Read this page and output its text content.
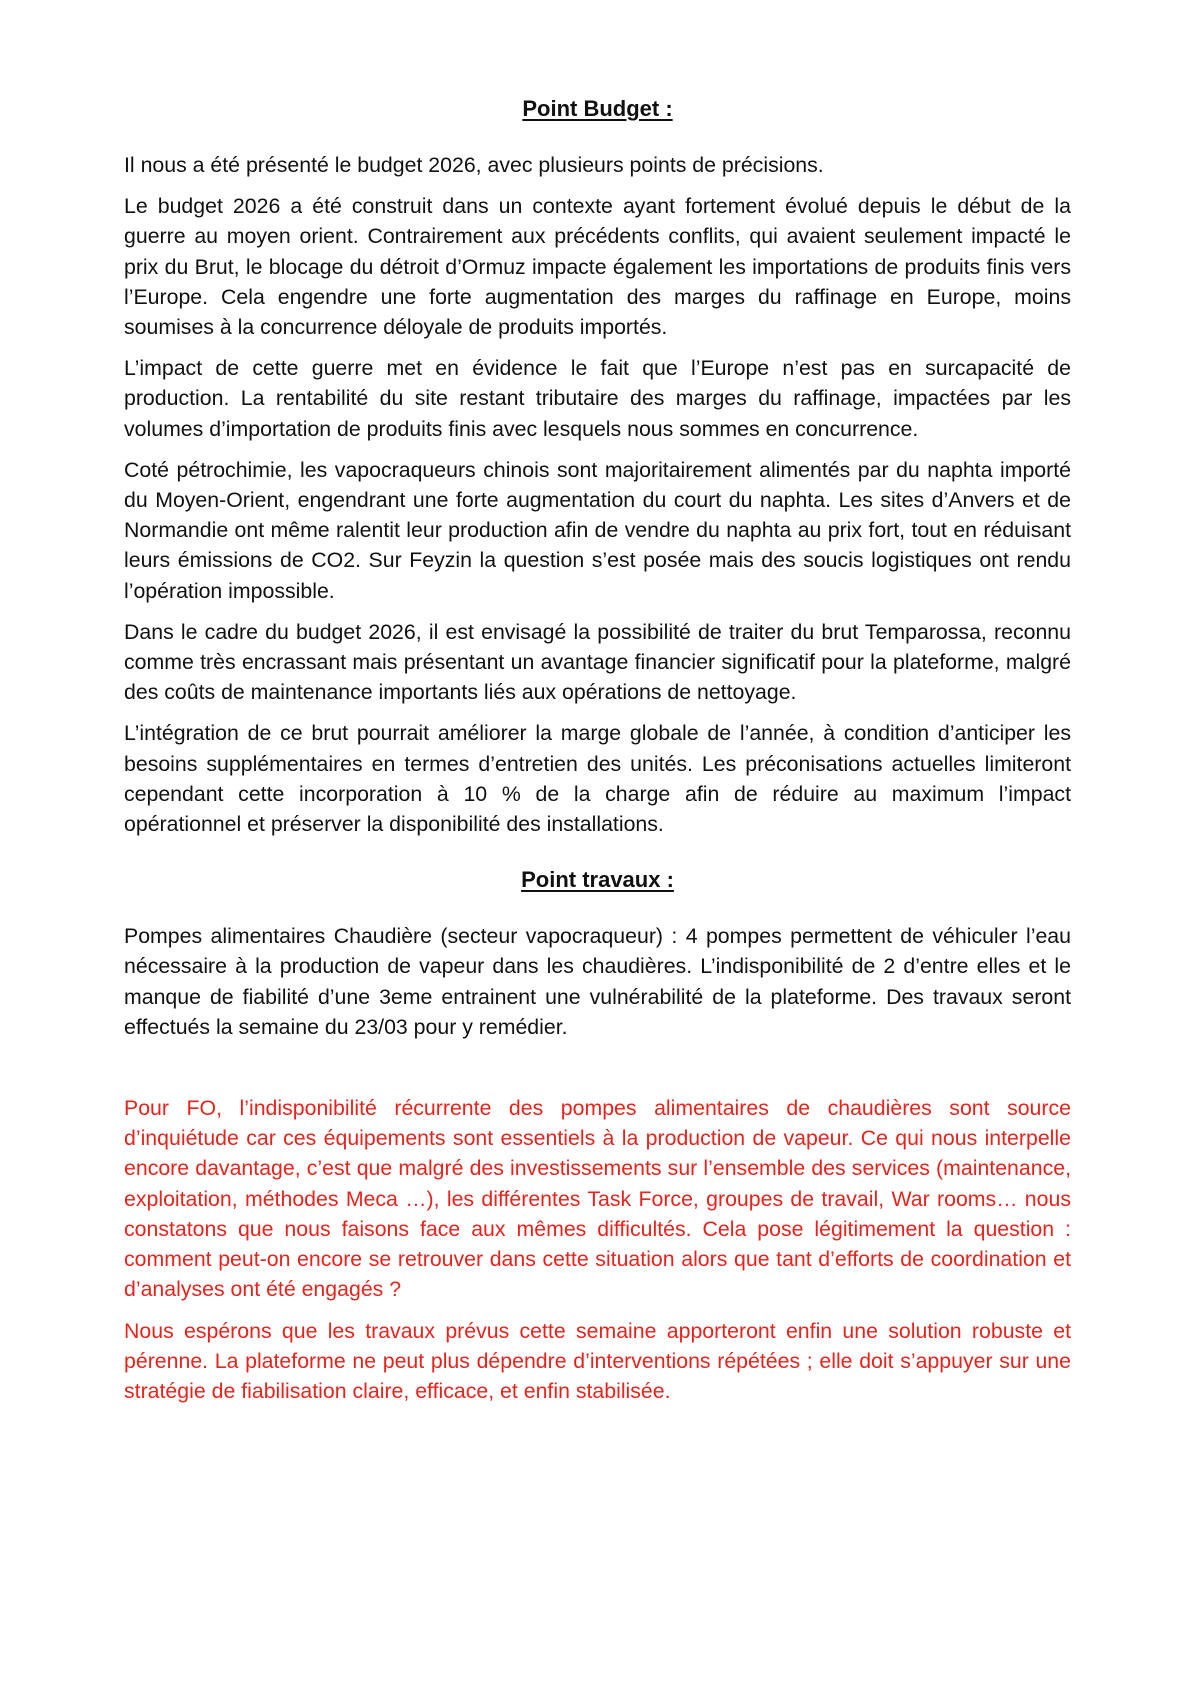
Point Budget :

Il nous a été présenté le budget 2026, avec plusieurs points de précisions.

Le budget 2026 a été construit dans un contexte ayant fortement évolué depuis le début de la guerre au moyen orient. Contrairement aux précédents conflits, qui avaient seulement impacté le prix du Brut, le blocage du détroit d’Ormuz impacte également les importations de produits finis vers l’Europe. Cela engendre une forte augmentation des marges du raffinage en Europe, moins soumises à la concurrence déloyale de produits importés.

L’impact de cette guerre met en évidence le fait que l’Europe n’est pas en surcapacité de production. La rentabilité du site restant tributaire des marges du raffinage, impactées par les volumes d’importation de produits finis avec lesquels nous sommes en concurrence.

Coté pétrochimie, les vapocraqueurs chinois sont majoritairement alimentés par du naphta importé du Moyen-Orient, engendrant une forte augmentation du court du naphta. Les sites d’Anvers et de Normandie ont même ralentit leur production afin de vendre du naphta au prix fort, tout en réduisant leurs émissions de CO2. Sur Feyzin la question s’est posée mais des soucis logistiques ont rendu l’opération impossible.

Dans le cadre du budget 2026, il est envisagé la possibilité de traiter du brut Temparossa, reconnu comme très encrassant mais présentant un avantage financier significatif pour la plateforme, malgré des coûts de maintenance importants liés aux opérations de nettoyage.

L’intégration de ce brut pourrait améliorer la marge globale de l’année, à condition d’anticiper les besoins supplémentaires en termes d’entretien des unités. Les préconisations actuelles limiteront cependant cette incorporation à 10 % de la charge afin de réduire au maximum l’impact opérationnel et préserver la disponibilité des installations.

Point travaux :

Pompes alimentaires Chaudière (secteur vapocraqueur) : 4 pompes permettent de véhiculer l’eau nécessaire à la production de vapeur dans les chaudières. L’indisponibilité de 2 d’entre elles et le manque de fiabilité d’une 3eme entrainent une vulnérabilité de la plateforme. Des travaux seront effectués la semaine du 23/03 pour y remédier.

Pour FO, l’indisponibilité récurrente des pompes alimentaires de chaudières sont source d’inquiétude car ces équipements sont essentiels à la production de vapeur. Ce qui nous interpelle encore davantage, c’est que malgré des investissements sur l’ensemble des services (maintenance, exploitation, méthodes Meca …), les différentes Task Force, groupes de travail, War rooms… nous constatons que nous faisons face aux mêmes difficultés. Cela pose légitimement la question : comment peut-on encore se retrouver dans cette situation alors que tant d’efforts de coordination et d’analyses ont été engagés ?

Nous espérons que les travaux prévus cette semaine apporteront enfin une solution robuste et pérenne. La plateforme ne peut plus dépendre d’interventions répétées ; elle doit s’appuyer sur une stratégie de fiabilisation claire, efficace, et enfin stabilisée.
